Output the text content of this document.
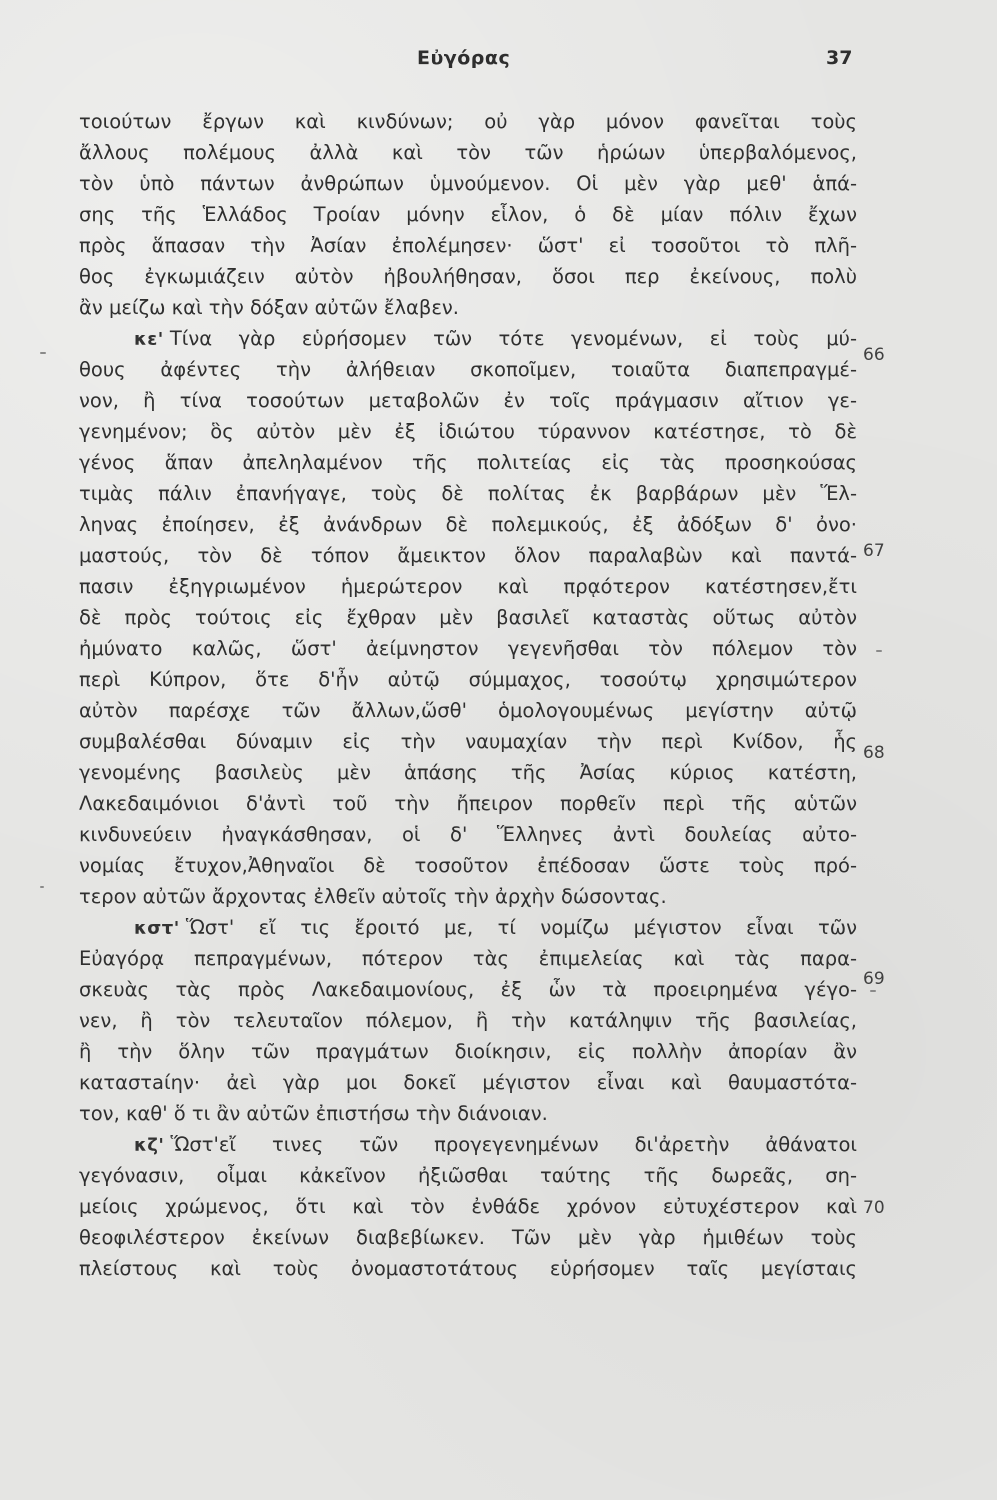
Εὐγόρας	37
τοιούτων ἔργων καὶ κινδύνων; οὐ γὰρ μόνον φανεῖται τοὺς
ἄλλους πολέμους ἀλλὰ καὶ τὸν τῶν ἡρώων ὑπερβαλόμενος,
τὸν ὑπὸ πάντων ἀνθρώπων ὑμνούμενον. Οἱ μὲν γὰρ μεθ' ἁπά-
σης τῆς Ἑλλάδος Τροίαν μόνην εἷλον, ὁ δὲ μίαν πόλιν ἔχων
πρὸς ἅπασαν τὴν Ἀσίαν ἐπολέμησεν· ὥστ' εἰ τοσοῦτοι τὸ πλῆ-
θος ἐγκωμιάζειν αὐτὸν ἠβουλήθησαν, ὅσοι περ ἐκείνους, πολὺ
ἂν μείζω καὶ τὴν δόξαν αὐτῶν ἔλαβεν.
κε' Τίνα γὰρ εὑρήσομεν τῶν τότε γενομένων, εἰ τοὺς μύ-
θους ἀφέντες τὴν ἀλήθειαν σκοποῖμεν, τοιαῦτα διαπεπραγμέ-
νον, ἢ τίνα τοσούτων μεταβολῶν ἐν τοῖς πράγμασιν αἴτιον γε-
γενημένον; ὃς αὐτὸν μὲν ἐξ ἰδιώτου τύραννον κατέστησε, τὸ δὲ
γένος ἅπαν ἀπεληλαμένον τῆς πολιτείας εἰς τὰς προσηκούσας
τιμὰς πάλιν ἐπανήγαγε, τοὺς δὲ πολίτας ἐκ βαρβάρων μὲν Ἕλ-
ληνας ἐποίησεν, ἐξ ἀνάνδρων δὲ πολεμικούς, ἐξ ἀδόξων δ' ὀνο·
μαστούς, τὸν δὲ τόπον ἄμεικτον ὅλον παραλαβὼν καὶ παντά-
πασιν ἐξηγριωμένον ἡμερώτερον καὶ πρᾳότερον κατέστησεν,ἔτι
δὲ πρὸς τούτοις εἰς ἔχθραν μὲν βασιλεῖ καταστὰς οὕτως αὐτὸν
ἠμύνατο καλῶς, ὥστ' ἀείμνηστον γεγενῆσθαι τὸν πόλεμον τὸν
περὶ Κύπρον, ὅτε δ'ἦν αὐτῷ σύμμαχος, τοσούτῳ χρησιμώτερον
αὐτὸν παρέσχε τῶν ἄλλων,ὥσθ' ὁμολογουμένως μεγίστην αὐτῷ
συμβαλέσθαι δύναμιν εἰς τὴν ναυμαχίαν τὴν περὶ Κνίδον, ἧς
γενομένης βασιλεὺς μὲν ἁπάσης τῆς Ἀσίας κύριος κατέστη,
Λακεδαιμόνιοι δ'ἀντὶ τοῦ τὴν ἤπειρον πορθεῖν περὶ τῆς αὑτῶν
κινδυνεύειν ἠναγκάσθησαν, οἱ δ' Ἕλληνες ἀντὶ δουλείας αὐτο-
νομίας ἔτυχον,Ἀθηναῖοι δὲ τοσοῦτον ἐπέδοσαν ὥστε τοὺς πρό-
τερον αὐτῶν ἄρχοντας ἐλθεῖν αὐτοῖς τὴν ἀρχὴν δώσοντας.
κστ' Ὥστ' εἴ τις ἔροιτό με, τί νομίζω μέγιστον εἶναι τῶν
Εὐαγόρᾳ πεπραγμένων, πότερον τὰς ἐπιμελείας καὶ τὰς παρα-
σκευὰς τὰς πρὸς Λακεδαιμονίους, ἐξ ὧν τὰ προειρημένα γέγο-
νεν, ἢ τὸν τελευταῖον πόλεμον, ἢ τὴν κατάληψιν τῆς βασιλείας,
ἢ τὴν ὅλην τῶν πραγμάτων διοίκησιν, εἰς πολλὴν ἀπορίαν ἂν
καταστaίην· ἀεὶ γὰρ μοι δοκεῖ μέγιστον εἶναι καὶ θαυμαστότα-
τον, καθ' ὅ τι ἂν αὐτῶν ἐπιστήσω τὴν διάνοιαν.
κζ' Ὥστ'εἴ τινες τῶν προγεγενημένων δι'ἀρετὴν ἀθάνατοι
γεγόνασιν, οἶμαι κἀκεῖνον ἠξιῶσθαι ταύτης τῆς δωρεᾶς, ση-
μείοις χρώμενος, ὅτι καὶ τὸν ἐνθάδε χρόνον εὐτυχέστερον καὶ
θεοφιλέστερον ἐκείνων διαβεβίωκεν. Τῶν μὲν γὰρ ἡμιθέων τοὺς
πλείστους καὶ τοὺς ὀνομαστοτάτους εὑρήσομεν ταῖς μεγίσταις
66
67
68
69
70
